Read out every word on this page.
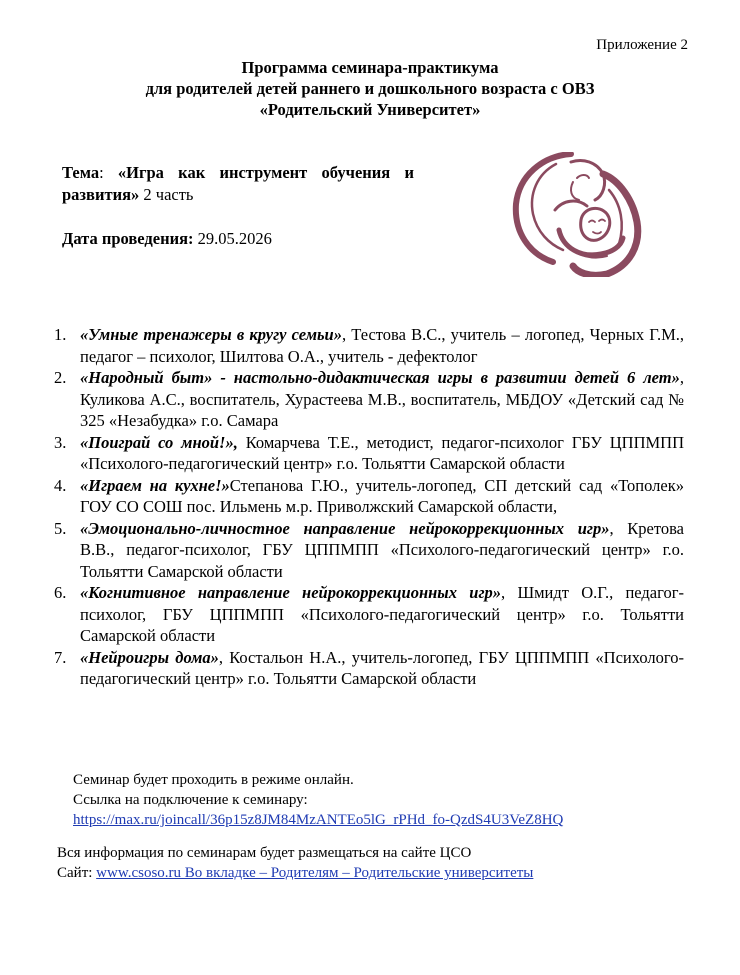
Приложение 2
Программа семинара-практикума
для родителей детей раннего и дошкольного возраста с ОВЗ
«Родительский Университет»
Тема: «Игра как инструмент обучения и развития» 2 часть
Дата проведения: 29.05.2026
1. «Умные тренажеры в кругу семьи», Тестова В.С., учитель – логопед, Черных Г.М., педагог – психолог, Шилтова О.А., учитель - дефектолог
2. «Народный быт» - настольно-дидактическая игры в развитии детей 6 лет», Куликова А.С., воспитатель, Хурастеева М.В., воспитатель, МБДОУ «Детский сад № 325 «Незабудка» г.о. Самара
3. «Поиграй со мной!», Комарчева Т.Е., методист, педагог-психолог ГБУ ЦППМПП «Психолого-педагогический центр» г.о. Тольятти Самарской области
4. «Играем на кухне!»Степанова Г.Ю., учитель-логопед, СП детский сад «Тополек» ГОУ СО СОШ пос. Ильмень м.р. Приволжский Самарской области,
5. «Эмоционально-личностное направление нейрокоррекционных игр», Кретова В.В., педагог-психолог, ГБУ ЦППМПП «Психолого-педагогический центр» г.о. Тольятти Самарской области
6. «Когнитивное направление нейрокоррекционных игр», Шмидт О.Г., педагог-психолог, ГБУ ЦППМПП «Психолого-педагогический центр» г.о. Тольятти Самарской области
7. «Нейроигры дома», Костальон Н.А., учитель-логопед, ГБУ ЦППМПП «Психолого-педагогический центр» г.о. Тольятти Самарской области
Семинар будет проходить в режиме онлайн.
Ссылка на подключение к семинару:
https://max.ru/joincall/36p15z8JM84MzANTEo5lG_rPHd_fo-QzdS4U3VeZ8HQ
Вся информация по семинарам будет размещаться на сайте ЦСО
Сайт: www.csoso.ru Во вкладке – Родителям – Родительские университеты
